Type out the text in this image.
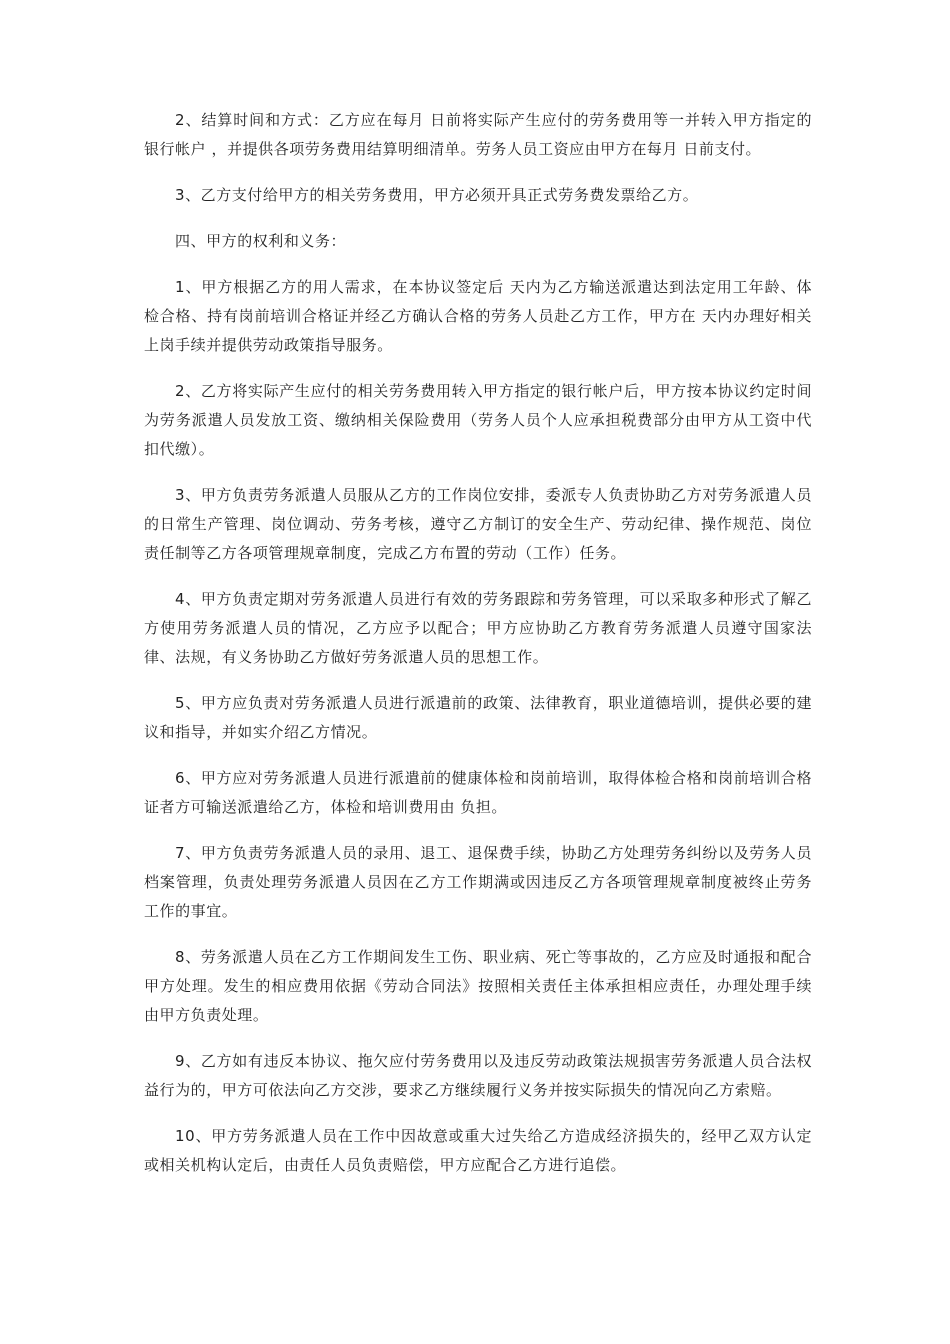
2、结算时间和方式：乙方应在每月 日前将实际产生应付的劳务费用等一并转入甲方指定的银行帐户 ，并提供各项劳务费用结算明细清单。劳务人员工资应由甲方在每月 日前支付。

3、乙方支付给甲方的相关劳务费用，甲方必须开具正式劳务费发票给乙方。

四、甲方的权利和义务：

1、甲方根据乙方的用人需求，在本协议签定后 天内为乙方输送派遣达到法定用工年龄、体检合格、持有岗前培训合格证并经乙方确认合格的劳务人员赴乙方工作，甲方在 天内办理好相关上岗手续并提供劳动政策指导服务。

2、乙方将实际产生应付的相关劳务费用转入甲方指定的银行帐户后，甲方按本协议约定时间为劳务派遣人员发放工资、缴纳相关保险费用（劳务人员个人应承担税费部分由甲方从工资中代扣代缴）。

3、甲方负责劳务派遣人员服从乙方的工作岗位安排，委派专人负责协助乙方对劳务派遣人员的日常生产管理、岗位调动、劳务考核，遵守乙方制订的安全生产、劳动纪律、操作规范、岗位责任制等乙方各项管理规章制度，完成乙方布置的劳动（工作）任务。

4、甲方负责定期对劳务派遣人员进行有效的劳务跟踪和劳务管理，可以采取多种形式了解乙方使用劳务派遣人员的情况，乙方应予以配合；甲方应协助乙方教育劳务派遣人员遵守国家法律、法规，有义务协助乙方做好劳务派遣人员的思想工作。

5、甲方应负责对劳务派遣人员进行派遣前的政策、法律教育，职业道德培训，提供必要的建议和指导，并如实介绍乙方情况。

6、甲方应对劳务派遣人员进行派遣前的健康体检和岗前培训，取得体检合格和岗前培训合格证者方可输送派遣给乙方，体检和培训费用由 负担。

7、甲方负责劳务派遣人员的录用、退工、退保费手续，协助乙方处理劳务纠纷以及劳务人员档案管理，负责处理劳务派遣人员因在乙方工作期满或因违反乙方各项管理规章制度被终止劳务工作的事宜。

8、劳务派遣人员在乙方工作期间发生工伤、职业病、死亡等事故的，乙方应及时通报和配合甲方处理。发生的相应费用依据《劳动合同法》按照相关责任主体承担相应责任，办理处理手续由甲方负责处理。

9、乙方如有违反本协议、拖欠应付劳务费用以及违反劳动政策法规损害劳务派遣人员合法权益行为的，甲方可依法向乙方交涉，要求乙方继续履行义务并按实际损失的情况向乙方索赔。

10、甲方劳务派遣人员在工作中因故意或重大过失给乙方造成经济损失的，经甲乙双方认定或相关机构认定后，由责任人员负责赔偿，甲方应配合乙方进行追偿。
